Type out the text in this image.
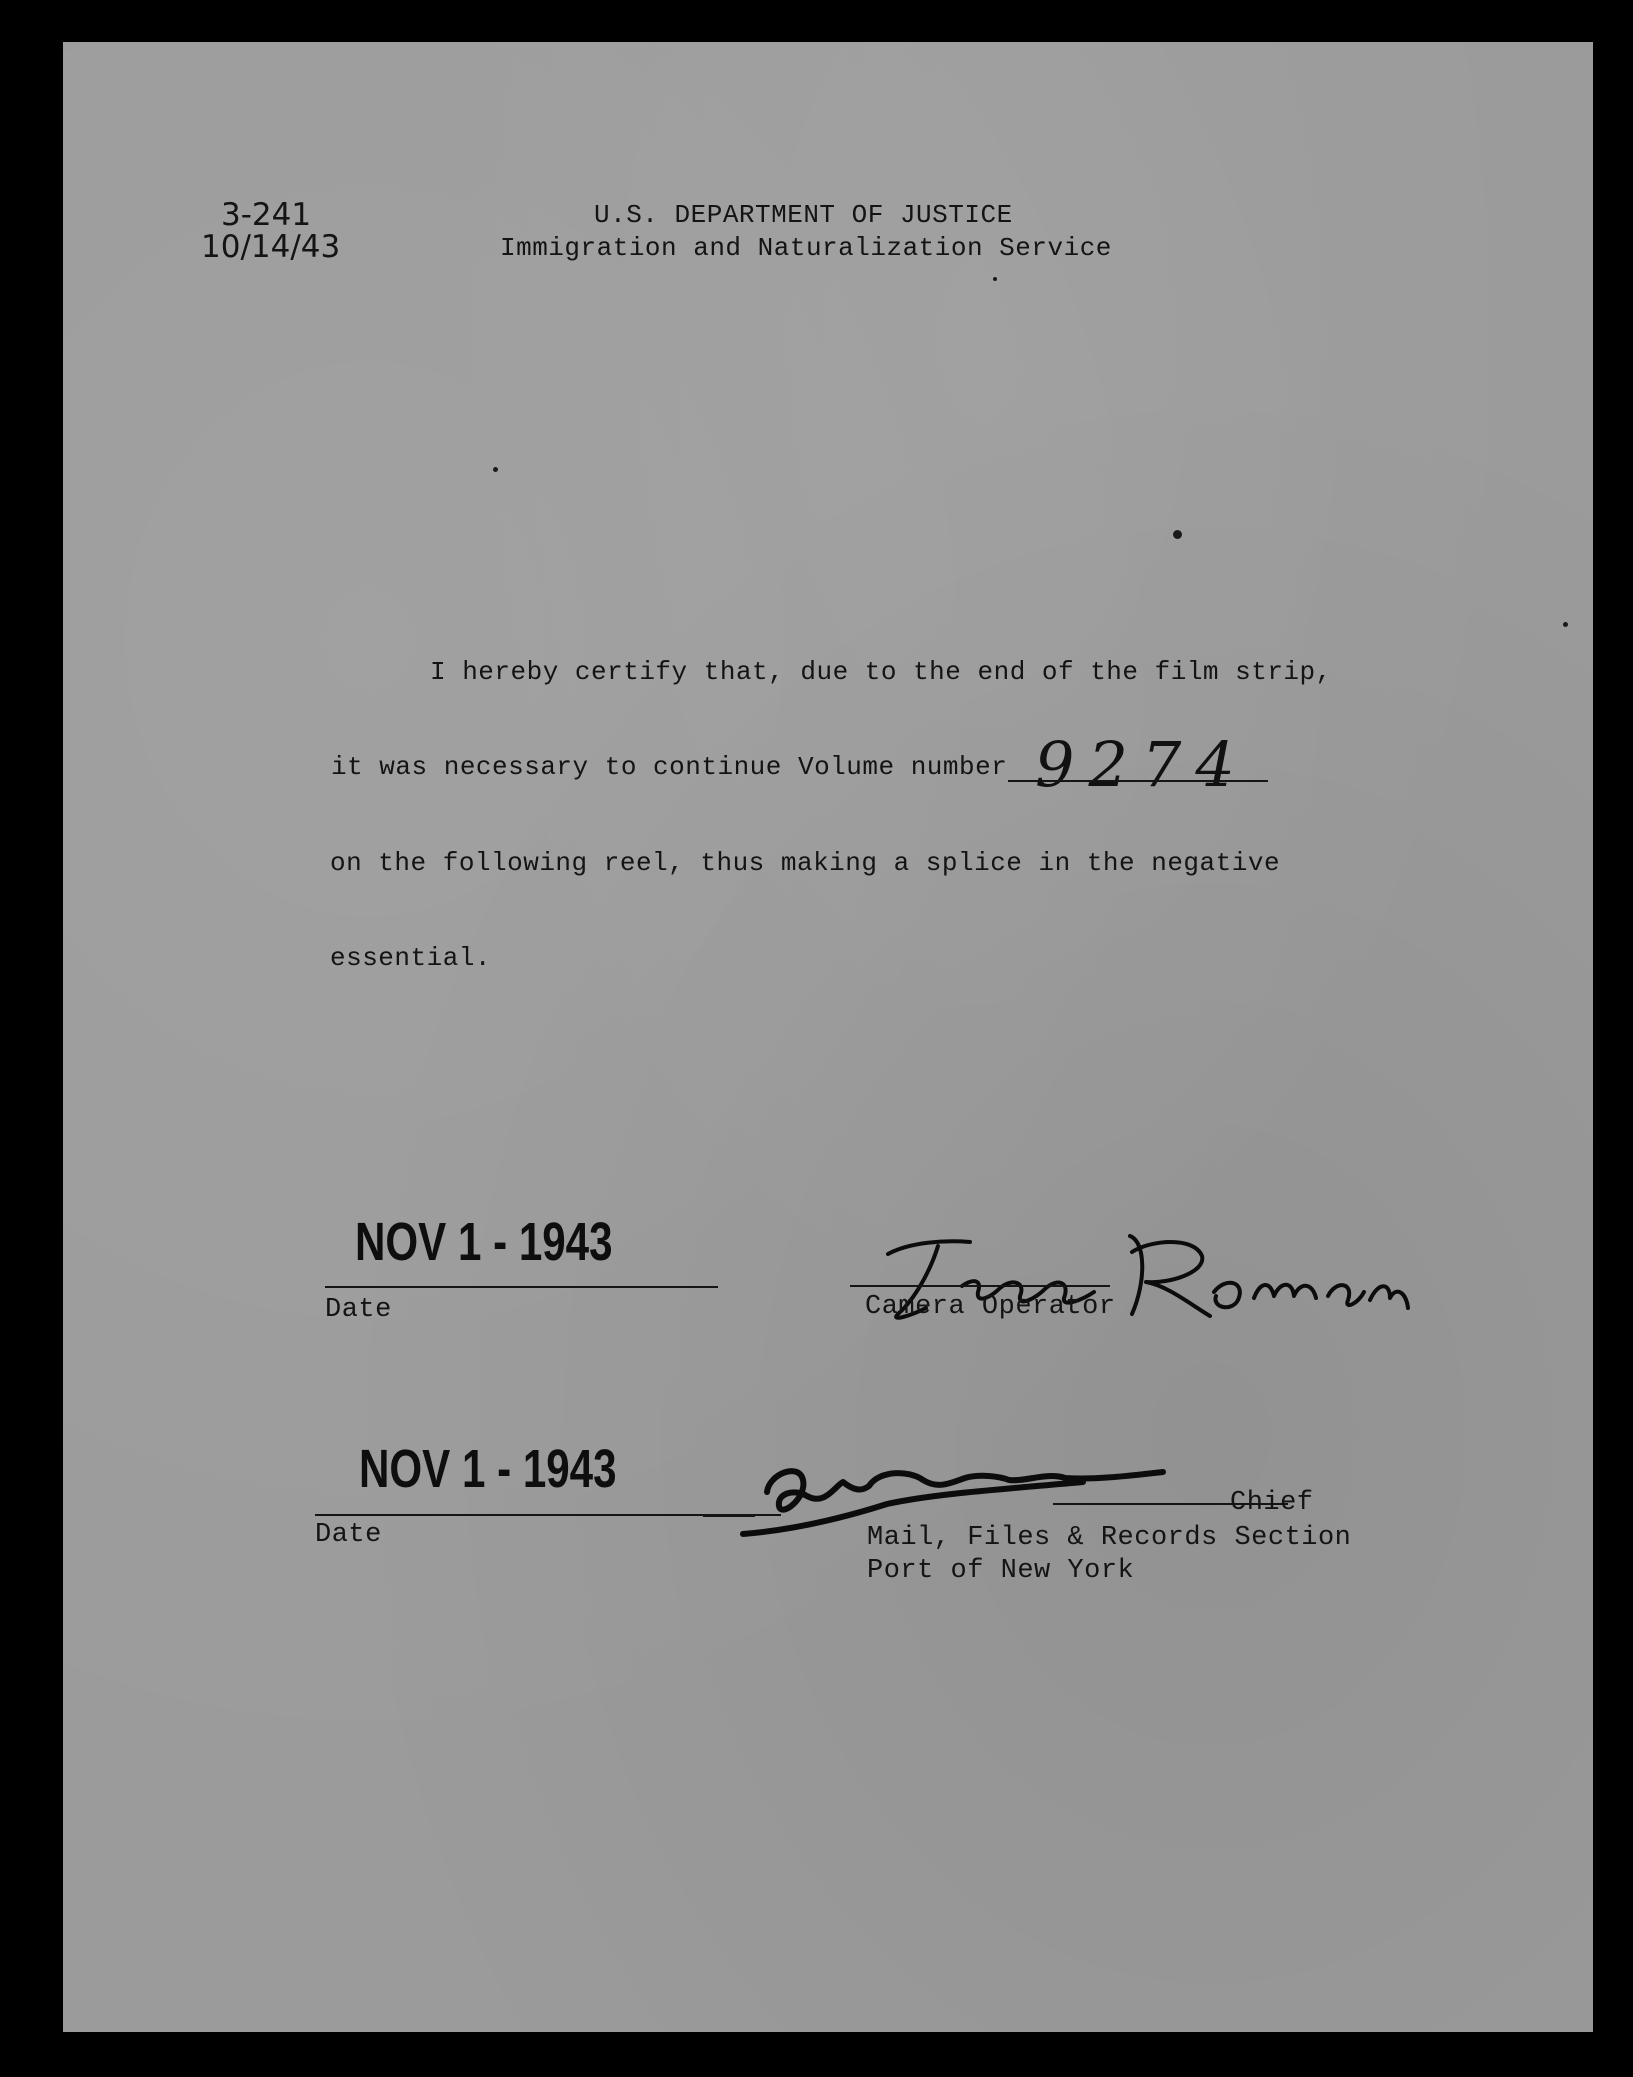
3-241
10/14/43
U.S. DEPARTMENT OF JUSTICE
Immigration and Naturalization Service
I hereby certify that, due to the end of the film strip,
it was necessary to continue Volume number 9274
on the following reel, thus making a splice in the negative
essential.
NOV 1 - 1943
Date	Camera Operator
NOV 1 - 1943
Date
Chief
Mail, Files & Records Section
Port of New York
